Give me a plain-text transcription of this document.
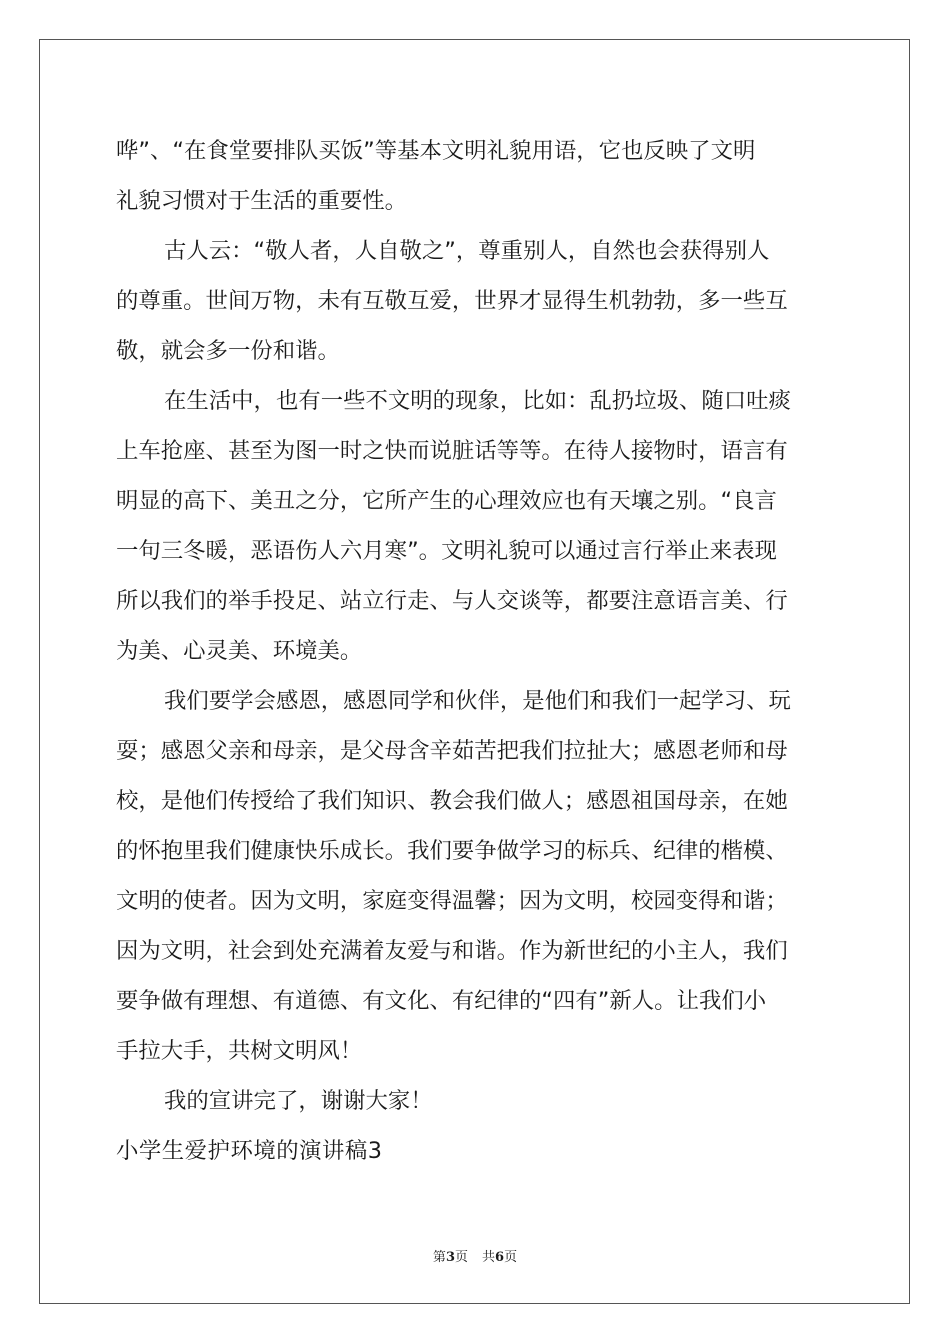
哗”、“在食堂要排队买饭”等基本文明礼貌用语，它也反映了文明
礼貌习惯对于生活的重要性。
古人云：“敬人者，人自敬之”，尊重别人，自然也会获得别人
的尊重。世间万物，未有互敬互爱，世界才显得生机勃勃，多一些互
敬，就会多一份和谐。
在生活中，也有一些不文明的现象，比如：乱扔垃圾、随口吐痰
上车抢座、甚至为图一时之快而说脏话等等。在待人接物时，语言有
明显的高下、美丑之分，它所产生的心理效应也有天壤之别。“良言
一句三冬暖，恶语伤人六月寒”。文明礼貌可以通过言行举止来表现
所以我们的举手投足、站立行走、与人交谈等，都要注意语言美、行
为美、心灵美、环境美。
我们要学会感恩，感恩同学和伙伴，是他们和我们一起学习、玩
耍；感恩父亲和母亲，是父母含辛茹苦把我们拉扯大；感恩老师和母
校，是他们传授给了我们知识、教会我们做人；感恩祖国母亲，在她
的怀抱里我们健康快乐成长。我们要争做学习的标兵、纪律的楷模、
文明的使者。因为文明，家庭变得温馨；因为文明，校园变得和谐；
因为文明，社会到处充满着友爱与和谐。作为新世纪的小主人，我们
要争做有理想、有道德、有文化、有纪律的“四有”新人。让我们小
手拉大手，共树文明风！
我的宣讲完了，谢谢大家！
小学生爱护环境的演讲稿3
第3页 共6页
